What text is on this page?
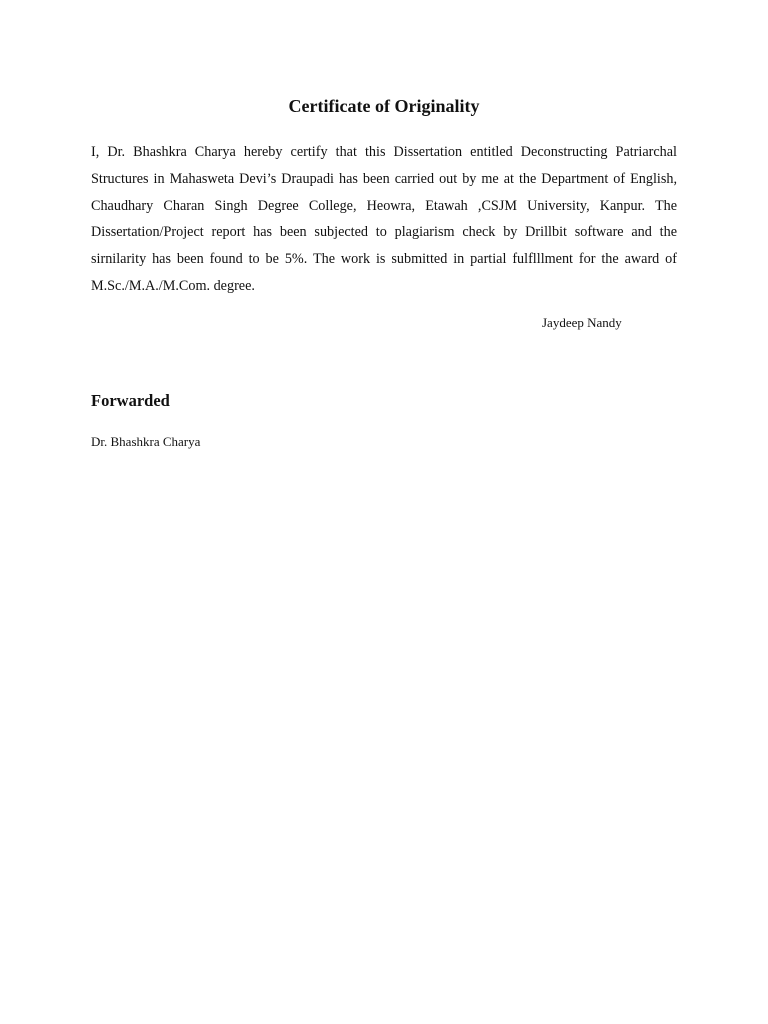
Certificate of Originality

I, Dr. Bhashkra Charya hereby certify that this Dissertation entitled Deconstructing Patriarchal Structures in Mahasweta Devi’s Draupadi has been carried out by me at the Department of English, Chaudhary Charan Singh Degree College, Heowra, Etawah ,CSJM University, Kanpur. The Dissertation/Project report has been subjected to plagiarism check by Drillbit software and the sirnilarity has been found to be 5%. The work is submitted in partial fulflllment for the award of M.Sc./M.A./M.Com. degree.

Jaydeep Nandy

Forwarded

Dr. Bhashkra Charya
